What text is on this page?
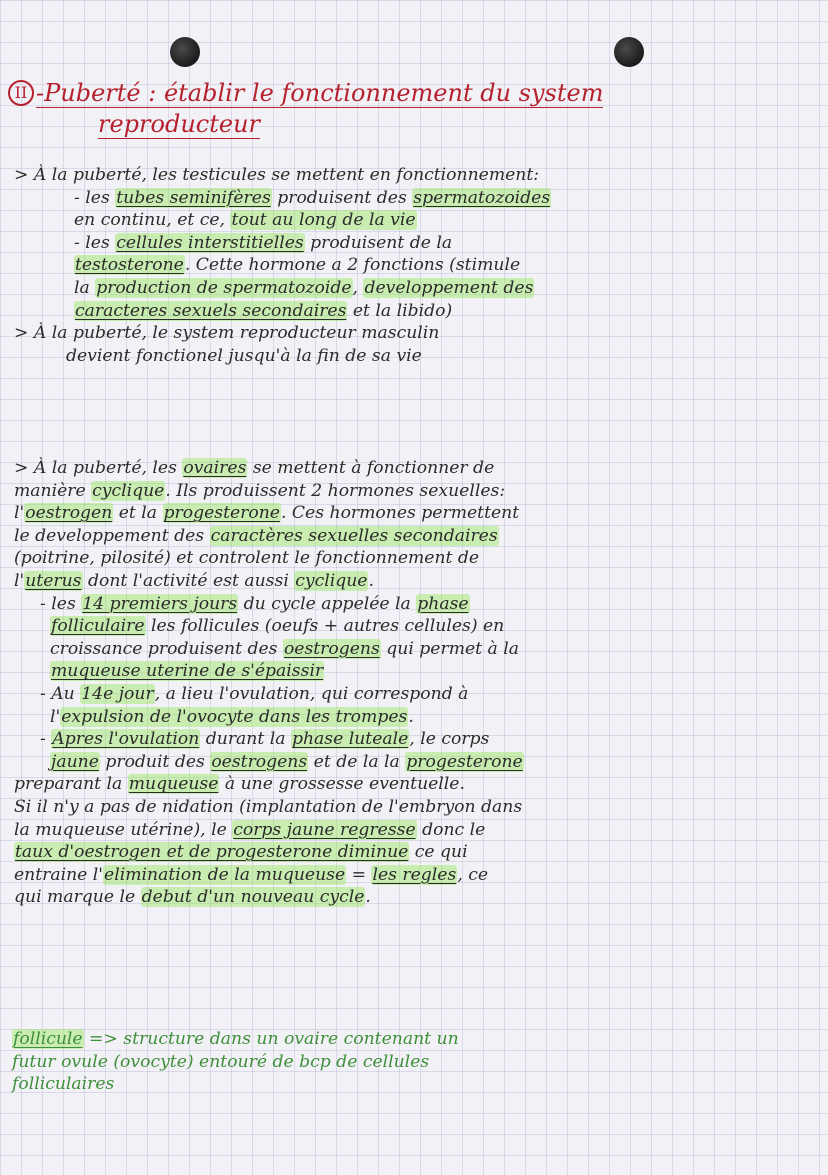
II -Puberté : établir le fonctionnement du system
reproducteur

> À la puberté, les testicules se mettent en fonctionnement:

- les tubes seminifères produisent des spermatozoides

en continu, et ce, tout au long de la vie

- les cellules interstitielles produisent de la

testosterone. Cette hormone a 2 fonctions (stimule

la production de spermatozoide, developpement des

caracteres sexuels secondaires et la libido)

> À la puberté, le system reproducteur masculin

devient fonctionel jusqu'à la fin de sa vie

> À la puberté, les ovaires se mettent à fonctionner de

manière cyclique. Ils produissent 2 hormones sexuelles:

l'oestrogen et la progesterone. Ces hormones permettent

le developpement des caractères sexuelles secondaires

(poitrine, pilosité) et controlent le fonctionnement de

l'uterus dont l'activité est aussi cyclique.

- les 14 premiers jours du cycle appelée la phase

folliculaire les follicules (oeufs + autres cellules) en

croissance produisent des oestrogens qui permet à la

muqueuse uterine de s'épaissir

- Au 14e jour, a lieu l'ovulation, qui correspond à

l'expulsion de l'ovocyte dans les trompes.

- Apres l'ovulation durant la phase luteale, le corps

jaune produit des oestrogens et de la la progesterone

preparant la muqueuse à une grossesse eventuelle.

Si il n'y a pas de nidation (implantation de l'embryon dans

la muqueuse utérine), le corps jaune regresse donc le

taux d'oestrogen et de progesterone diminue ce qui

entraine l'elimination de la muqueuse = les regles, ce

qui marque le debut d'un nouveau cycle.

follicule => structure dans un ovaire contenant un

futur ovule (ovocyte) entouré de bcp de cellules

folliculaires
